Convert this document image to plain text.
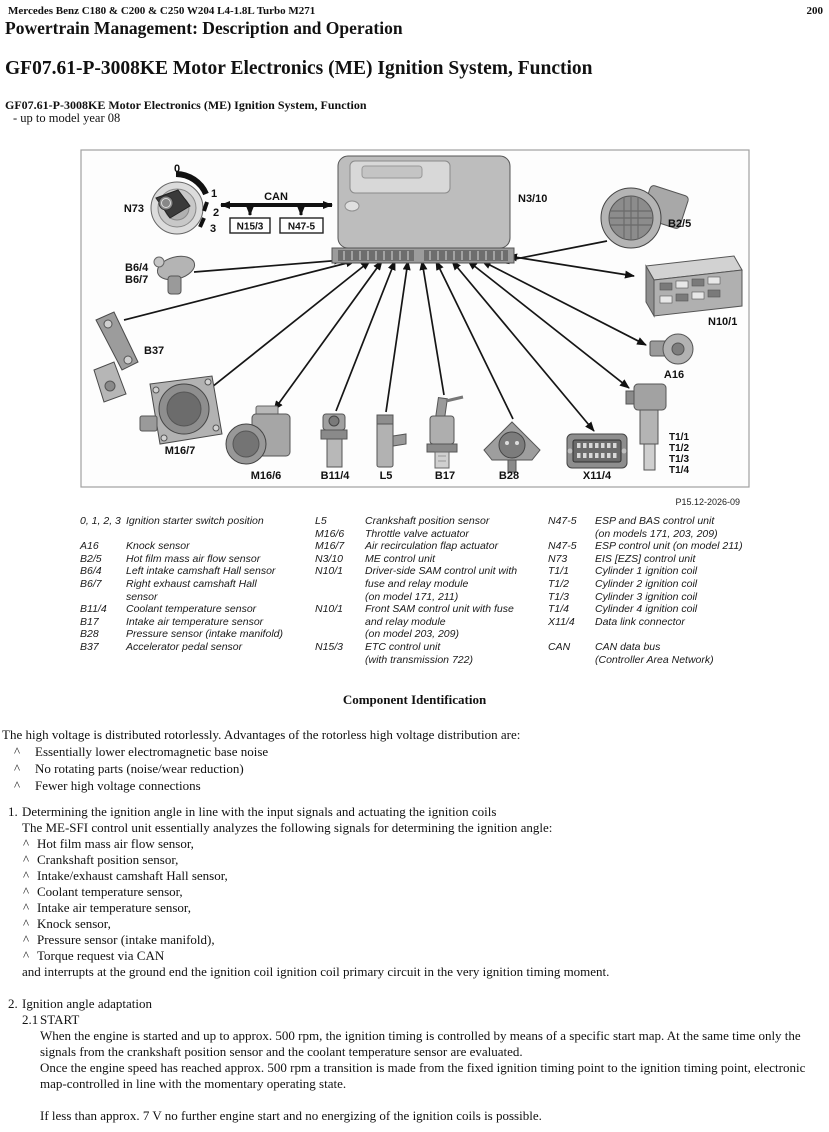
Mercedes Benz C180 & C200 & C250 W204 L4-1.8L Turbo M271	200
Powertrain Management: Description and Operation
GF07.61-P-3008KE Motor Electronics (ME) Ignition System, Function
GF07.61-P-3008KE Motor Electronics (ME) Ignition System, Function
- up to model year 08
0
1
2
3
N73
CAN
N15/3 N47-5
N3/10
B2/5
N10/1
A16
T1/1
T1/2
T1/3
T1/4
X11/4
B28
B17
B11/4	L5
M16/6
M16/7
B37
B6/4
B6/7
P15.12-2026-09
0, 1, 2, 3 Ignition starter switch position
A16	Knock sensor
B2/5	Hot film mass air flow sensor
B6/4	Left intake camshaft Hall sensor
B6/7	Right exhaust camshaft Hall
sensor
B11/4	Coolant temperature sensor
B17	Intake air temperature sensor
B28	Pressure sensor (intake manifold)
B37	Accelerator pedal sensor
L5	Crankshaft position sensor
M16/6	Throttle valve actuator
M16/7	Air recirculation flap actuator
N3/10	ME control unit
N10/1	Driver-side SAM control unit with
fuse and relay module
(on model 171, 211)
N10/1	Front SAM control unit with fuse
and relay module
(on model 203, 209)
N15/3	ETC control unit
(with transmission 722)
N47-5	ESP and BAS control unit
(on models 171, 203, 209)
N47-5	ESP control unit (on model 211)
N73	EIS [EZS] control unit
T1/1	Cylinder 1 ignition coil
T1/2	Cylinder 2 ignition coil
T1/3	Cylinder 3 ignition coil
T1/4	Cylinder 4 ignition coil
X11/4	Data link connector
CAN	CAN data bus
(Controller Area Network)
Component Identification
The high voltage is distributed rotorlessly. Advantages of the rotorless high voltage distribution are:
^	Essentially lower electromagnetic base noise
^	No rotating parts (noise/wear reduction)
^	Fewer high voltage connections
1. Determining the ignition angle in line with the input signals and actuating the ignition coils
The ME-SFI control unit essentially analyzes the following signals for determining the ignition angle:
^ Hot film mass air flow sensor,
^ Crankshaft position sensor,
^ Intake/exhaust camshaft Hall sensor,
^ Coolant temperature sensor,
^ Intake air temperature sensor,
^ Knock sensor,
^ Pressure sensor (intake manifold),
^ Torque request via CAN
and interrupts at the ground end the ignition coil ignition coil primary circuit in the very ignition timing moment.
2. Ignition angle adaptation
2.1 START
When the engine is started and up to approx. 500 rpm, the ignition timing is controlled by means of a specific start map. At the same time only the signals from the crankshaft position sensor and the coolant temperature sensor are evaluated.
Once the engine speed has reached approx. 500 rpm a transition is made from the fixed ignition timing point to the ignition timing point, electronic map-controlled in line with the momentary operating state.
If less than approx. 7 V no further engine start and no energizing of the ignition coils is possible.
